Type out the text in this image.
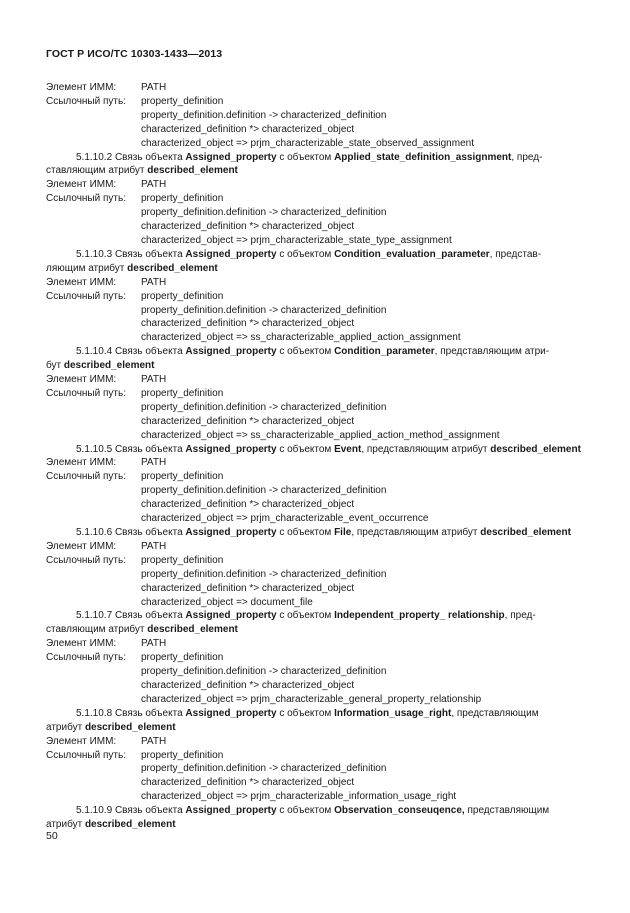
ГОСТ Р ИСО/ТС 10303-1433—2013
Элемент ИММ:	PATH
Ссылочный путь:	property_definition
property_definition.definition -> characterized_definition
characterized_definition *> characterized_object
characterized_object => prjm_characterizable_state_observed_assignment
5.1.10.2 Связь объекта Assigned_property с объектом Applied_state_definition_assignment, пред-
ставляющим атрибут described_element
Элемент ИММ:	PATH
Ссылочный путь:	property_definition
property_definition.definition -> characterized_definition
characterized_definition *> characterized_object
characterized_object => prjm_characterizable_state_type_assignment
5.1.10.3 Связь объекта Assigned_property с объектом Condition_evaluation_parameter, представ-
ляющим атрибут described_element
Элемент ИММ:	PATH
Ссылочный путь:	property_definition
property_definition.definition -> characterized_definition
characterized_definition *> characterized_object
characterized_object => ss_characterizable_applied_action_assignment
5.1.10.4 Связь объекта Assigned_property с объектом Condition_parameter, представляющим атри-
бут described_element
Элемент ИММ:	PATH
Ссылочный путь:	property_definition
property_definition.definition -> characterized_definition
characterized_definition *> characterized_object
characterized_object => ss_characterizable_applied_action_method_assignment
5.1.10.5 Связь объекта Assigned_property с объектом Event, представляющим атрибут described_element
Элемент ИММ:	PATH
Ссылочный путь:	property_definition
property_definition.definition -> characterized_definition
characterized_definition *> characterized_object
characterized_object => prjm_characterizable_event_occurrence
5.1.10.6 Связь объекта Assigned_property с объектом File, представляющим атрибут described_element
Элемент ИММ:	PATH
Ссылочный путь:	property_definition
property_definition.definition -> characterized_definition
characterized_definition *> characterized_object
characterized_object => document_file
5.1.10.7 Связь объекта Assigned_property с объектом Independent_property_ relationship, пред-
ставляющим атрибут described_element
Элемент ИММ:	PATH
Ссылочный путь:	property_definition
property_definition.definition -> characterized_definition
characterized_definition *> characterized_object
characterized_object => prjm_characterizable_general_property_relationship
5.1.10.8 Связь объекта Assigned_property с объектом Information_usage_right, представляющим
атрибут described_element
Элемент ИММ:	PATH
Ссылочный путь:	property_definition
property_definition.definition -> characterized_definition
characterized_definition *> characterized_object
characterized_object => prjm_characterizable_information_usage_right
5.1.10.9 Связь объекта Assigned_property с объектом Observation_conseuqence, представляющим
атрибут described_element
50
